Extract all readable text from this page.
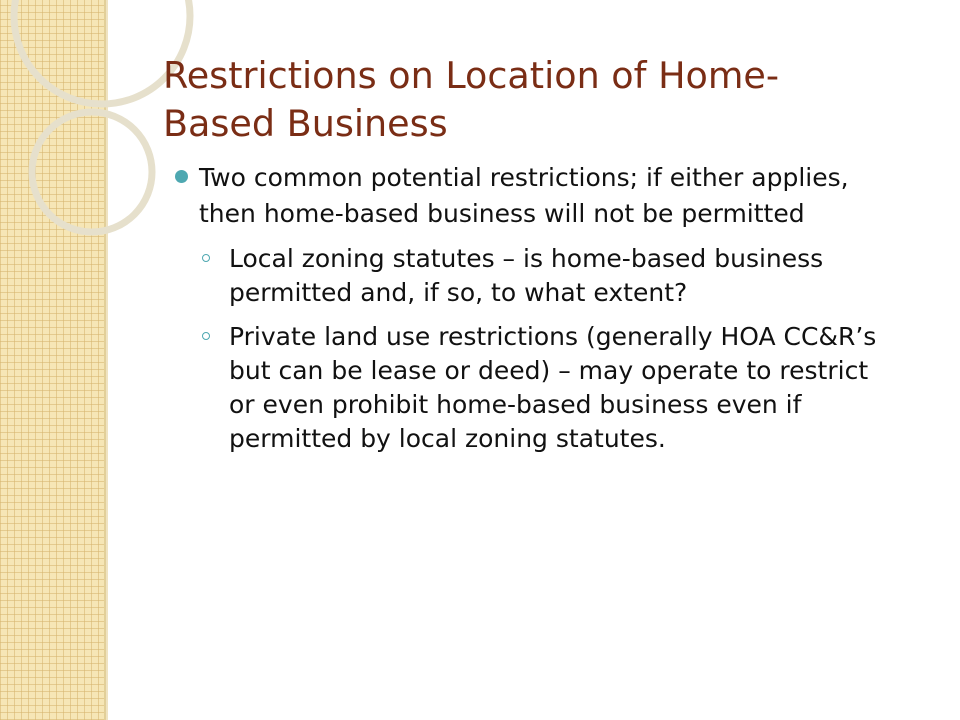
Restrictions on Location of Home-Based Business
Two common potential restrictions; if either applies, then home-based business will not be permitted
Local zoning statutes – is home-based business permitted and, if so, to what extent?
Private land use restrictions (generally HOA CC&R’s but can be lease or deed) – may operate to restrict or even prohibit home-based business even if permitted by local zoning statutes.
